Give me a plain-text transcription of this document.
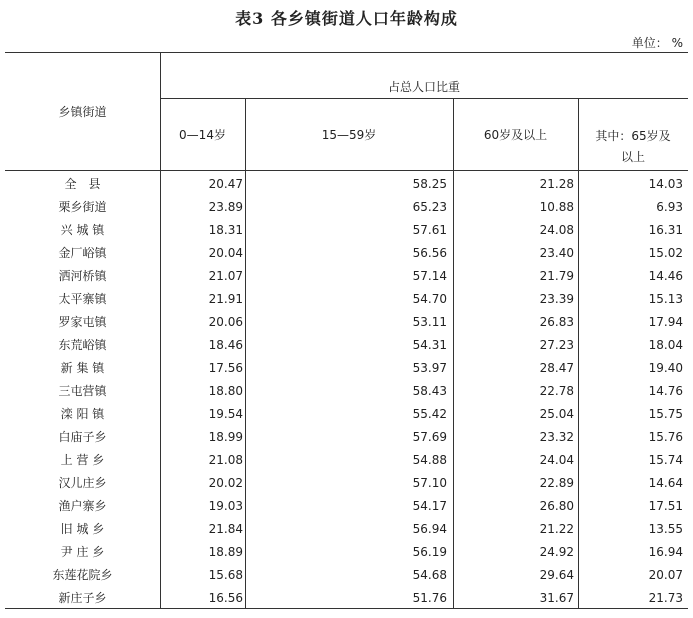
表3 各乡镇街道人口年龄构成
单位： %
乡镇街道
占总人口比重
0—14岁	15—59岁	60岁及以上	其中：65岁及
以上
全　县	20.47	58.25	21.28	14.03
栗乡街道	23.89	65.23	10.88	6.93
兴 城 镇	18.31	57.61	24.08	16.31
金厂峪镇	20.04	56.56	23.40	15.02
洒河桥镇	21.07	57.14	21.79	14.46
太平寨镇	21.91	54.70	23.39	15.13
罗家屯镇	20.06	53.11	26.83	17.94
东荒峪镇	18.46	54.31	27.23	18.04
新 集 镇	17.56	53.97	28.47	19.40
三屯营镇	18.80	58.43	22.78	14.76
滦 阳 镇	19.54	55.42	25.04	15.75
白庙子乡	18.99	57.69	23.32	15.76
上 营 乡	21.08	54.88	24.04	15.74
汉儿庄乡	20.02	57.10	22.89	14.64
渔户寨乡	19.03	54.17	26.80	17.51
旧 城 乡	21.84	56.94	21.22	13.55
尹 庄 乡	18.89	56.19	24.92	16.94
东莲花院乡	15.68	54.68	29.64	20.07
新庄子乡	16.56	51.76	31.67	21.73
